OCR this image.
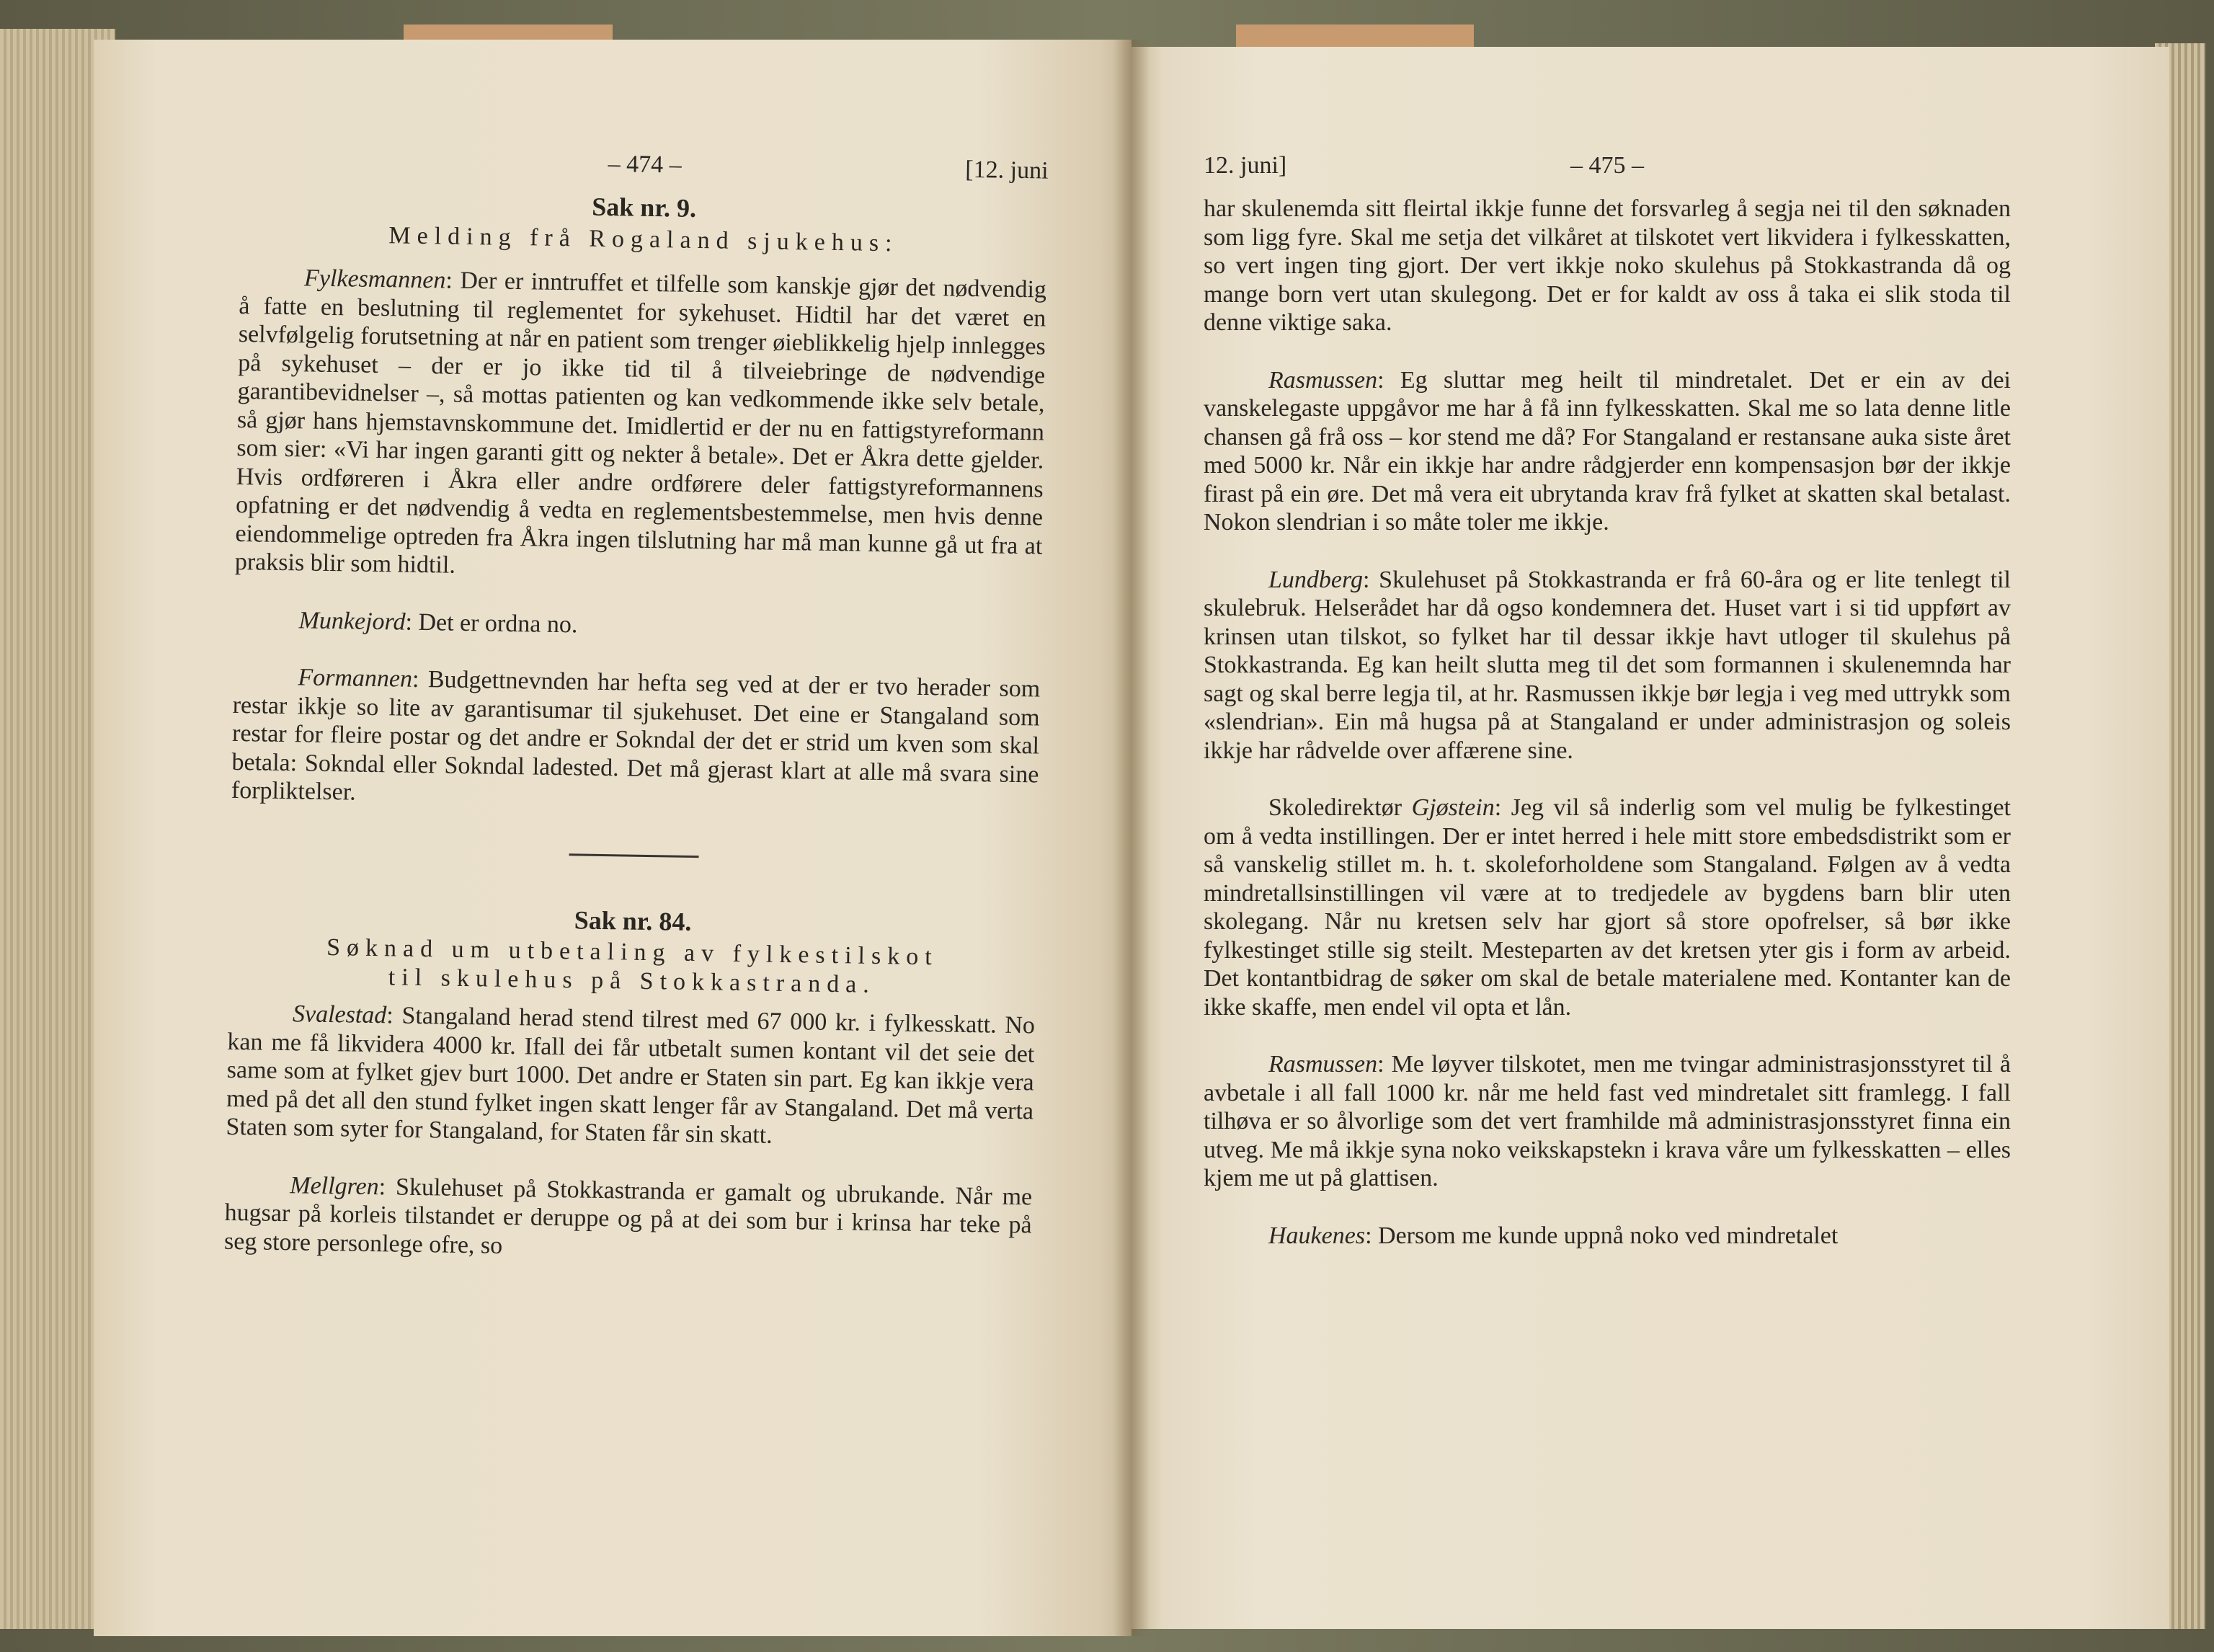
– 474 –	[12. juni
Sak nr. 9.
Melding frå Rogaland sjukehus:

Fylkesmannen: Der er inntruffet et tilfelle som kanskje gjør det nødvendig å fatte en beslutning til reglementet for sykehuset. Hidtil har det været en selvfølgelig forutsetning at når en patient som trenger øieblikkelig hjelp innlegges på sykehuset – der er jo ikke tid til å tilveiebringe de nødvendige garantibevidnelser –, så mottas patienten og kan vedkommende ikke selv betale, så gjør hans hjemstavnskommune det. Imidlertid er der nu en fattigstyreformann som sier: «Vi har ingen garanti gitt og nekter å betale». Det er Åkra dette gjelder. Hvis ordføreren i Åkra eller andre ordførere deler fattigstyreformannens opfatning er det nødvendig å vedta en reglementsbestemmelse, men hvis denne eiendommelige optreden fra Åkra ingen tilslutning har må man kunne gå ut fra at praksis blir som hidtil.

Munkejord: Det er ordna no.

Formannen: Budgettnevnden har hefta seg ved at der er tvo herader som restar ikkje so lite av garantisumar til sjukehuset. Det eine er Stangaland som restar for fleire postar og det andre er Sokndal der det er strid um kven som skal betala: Sokndal eller Sokndal ladested. Det må gjerast klart at alle må svara sine forpliktelser.

Sak nr. 84.
Søknad um utbetaling av fylkestilskot
til skulehus på Stokkastranda.

Svalestad: Stangaland herad stend tilrest med 67 000 kr. i fylkesskatt. No kan me få likvidera 4000 kr. Ifall dei får utbetalt sumen kontant vil det seie det same som at fylket gjev burt 1000. Det andre er Staten sin part. Eg kan ikkje vera med på det all den stund fylket ingen skatt lenger får av Stangaland. Det må verta Staten som syter for Stangaland, for Staten får sin skatt.

Mellgren: Skulehuset på Stokkastranda er gamalt og ubrukande. Når me hugsar på korleis tilstandet er deruppe og på at dei som bur i krinsa har teke på seg store personlege ofre, so

12. juni]	– 475 –

har skulenemda sitt fleirtal ikkje funne det forsvarleg å segja nei til den søknaden som ligg fyre. Skal me setja det vilkåret at tilskotet vert likvidera i fylkesskatten, so vert ingen ting gjort. Der vert ikkje noko skulehus på Stokkastranda då og mange born vert utan skulegong. Det er for kaldt av oss å taka ei slik stoda til denne viktige saka.

Rasmussen: Eg sluttar meg heilt til mindretalet. Det er ein av dei vanskelegaste uppgåvor me har å få inn fylkesskatten. Skal me so lata denne litle chansen gå frå oss – kor stend me då? For Stangaland er restansane auka siste året med 5000 kr. Når ein ikkje har andre rådgjerder enn kompensasjon bør der ikkje firast på ein øre. Det må vera eit ubrytanda krav frå fylket at skatten skal betalast. Nokon slendrian i so måte toler me ikkje.

Lundberg: Skulehuset på Stokkastranda er frå 60-åra og er lite tenlegt til skulebruk. Helserådet har då ogso kondemnera det. Huset vart i si tid uppført av krinsen utan tilskot, so fylket har til dessar ikkje havt utloger til skulehus på Stokkastranda. Eg kan heilt slutta meg til det som formannen i skulenemnda har sagt og skal berre legja til, at hr. Rasmussen ikkje bør legja i veg med uttrykk som «slendrian». Ein må hugsa på at Stangaland er under administrasjon og soleis ikkje har rådvelde over affærene sine.

Skoledirektør Gjøstein: Jeg vil så inderlig som vel mulig be fylkestinget om å vedta instillingen. Der er intet herred i hele mitt store embedsdistrikt som er så vanskelig stillet m. h. t. skoleforholdene som Stangaland. Følgen av å vedta mindretallsinstillingen vil være at to tredjedele av bygdens barn blir uten skolegang. Når nu kretsen selv har gjort så store opofrelser, så bør ikke fylkestinget stille sig steilt. Mesteparten av det kretsen yter gis i form av arbeid. Det kontantbidrag de søker om skal de betale materialene med. Kontanter kan de ikke skaffe, men endel vil opta et lån.

Rasmussen: Me løyver tilskotet, men me tvingar administrasjonsstyret til å avbetale i all fall 1000 kr. når me held fast ved mindretalet sitt framlegg. I fall tilhøva er so ålvorlige som det vert framhilde må administrasjonsstyret finna ein utveg. Me må ikkje syna noko veikskapstekn i krava våre um fylkesskatten – elles kjem me ut på glattisen.

Haukenes: Dersom me kunde uppnå noko ved mindretalet
